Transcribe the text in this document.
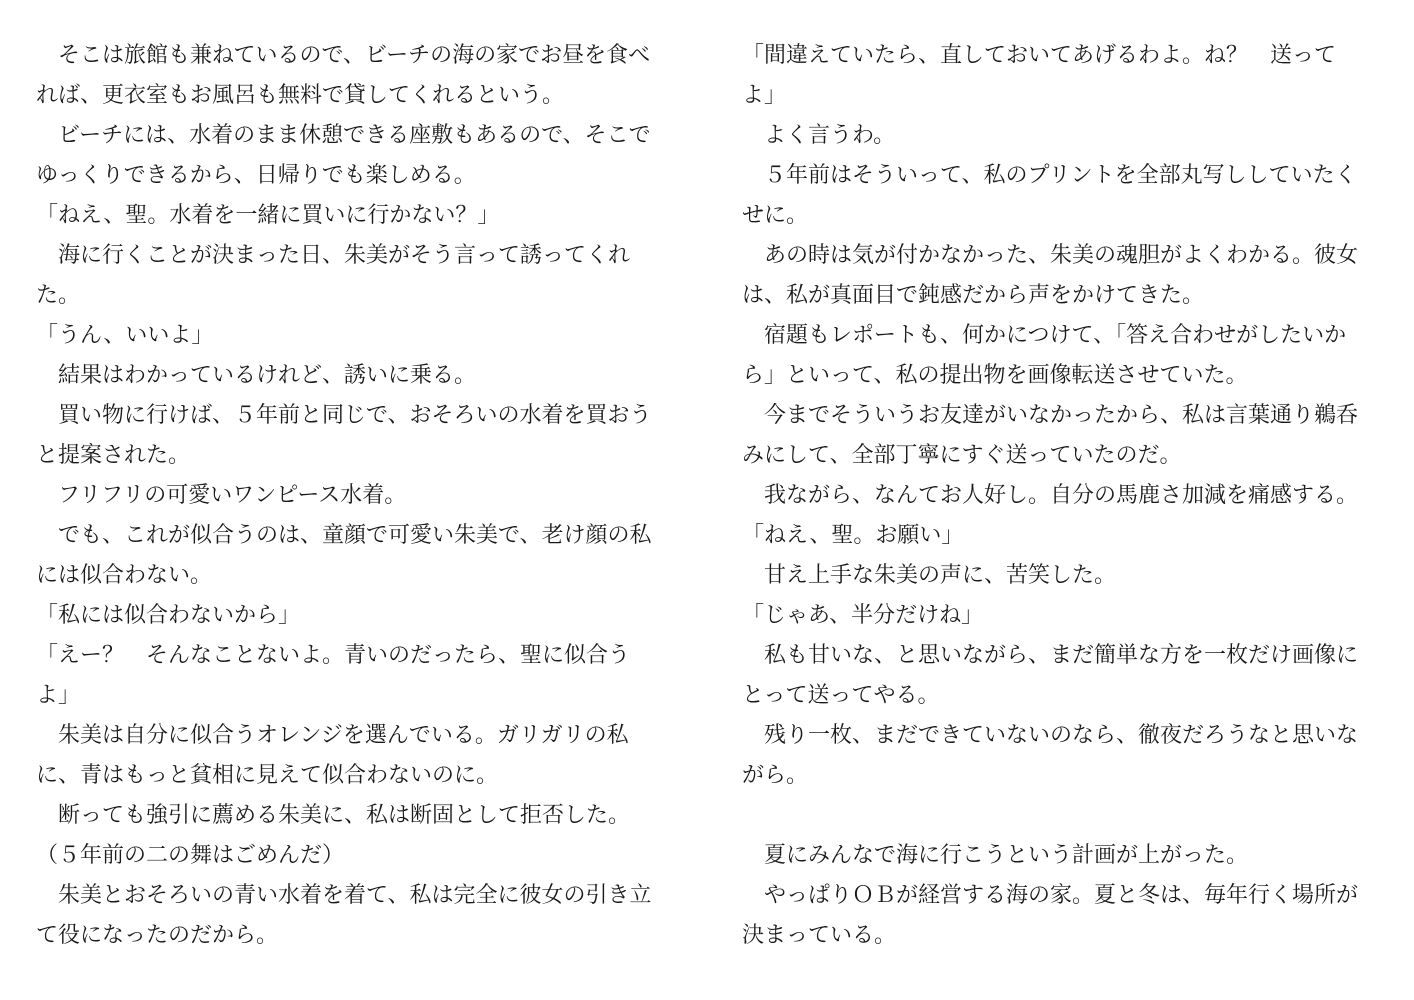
　そこは旅館も兼ねているので、ビーチの海の家でお昼を食べ
れば、更衣室もお風呂も無料で貸してくれるという。
　ビーチには、水着のまま休憩できる座敷もあるので、そこで
ゆっくりできるから、日帰りでも楽しめる。
「ねえ、聖。水着を一緒に買いに行かない？」
　海に行くことが決まった日、朱美がそう言って誘ってくれ
た。
「うん、いいよ」
　結果はわかっているけれど、誘いに乗る。
　買い物に行けば、５年前と同じで、おそろいの水着を買おう
と提案された。
　フリフリの可愛いワンピース水着。
　でも、これが似合うのは、童顔で可愛い朱美で、老け顔の私
には似合わない。
「私には似合わないから」
「えー？　そんなことないよ。青いのだったら、聖に似合う
よ」
　朱美は自分に似合うオレンジを選んでいる。ガリガリの私
に、青はもっと貧相に見えて似合わないのに。
　断っても強引に薦める朱美に、私は断固として拒否した。
（５年前の二の舞はごめんだ）
　朱美とおそろいの青い水着を着て、私は完全に彼女の引き立
て役になったのだから。
「間違えていたら、直しておいてあげるわよ。ね？　送って
よ」
　よく言うわ。
　５年前はそういって、私のプリントを全部丸写ししていたく
せに。
　あの時は気が付かなかった、朱美の魂胆がよくわかる。彼女
は、私が真面目で鈍感だから声をかけてきた。
　宿題もレポートも、何かにつけて、「答え合わせがしたいか
ら」といって、私の提出物を画像転送させていた。
　今までそういうお友達がいなかったから、私は言葉通り鵜呑
みにして、全部丁寧にすぐ送っていたのだ。
　我ながら、なんてお人好し。自分の馬鹿さ加減を痛感する。
「ねえ、聖。お願い」
　甘え上手な朱美の声に、苦笑した。
「じゃあ、半分だけね」
　私も甘いな、と思いながら、まだ簡単な方を一枚だけ画像に
とって送ってやる。
　残り一枚、まだできていないのなら、徹夜だろうなと思いな
がら。
　夏にみんなで海に行こうという計画が上がった。
　やっぱりＯＢが経営する海の家。夏と冬は、毎年行く場所が
決まっている。
